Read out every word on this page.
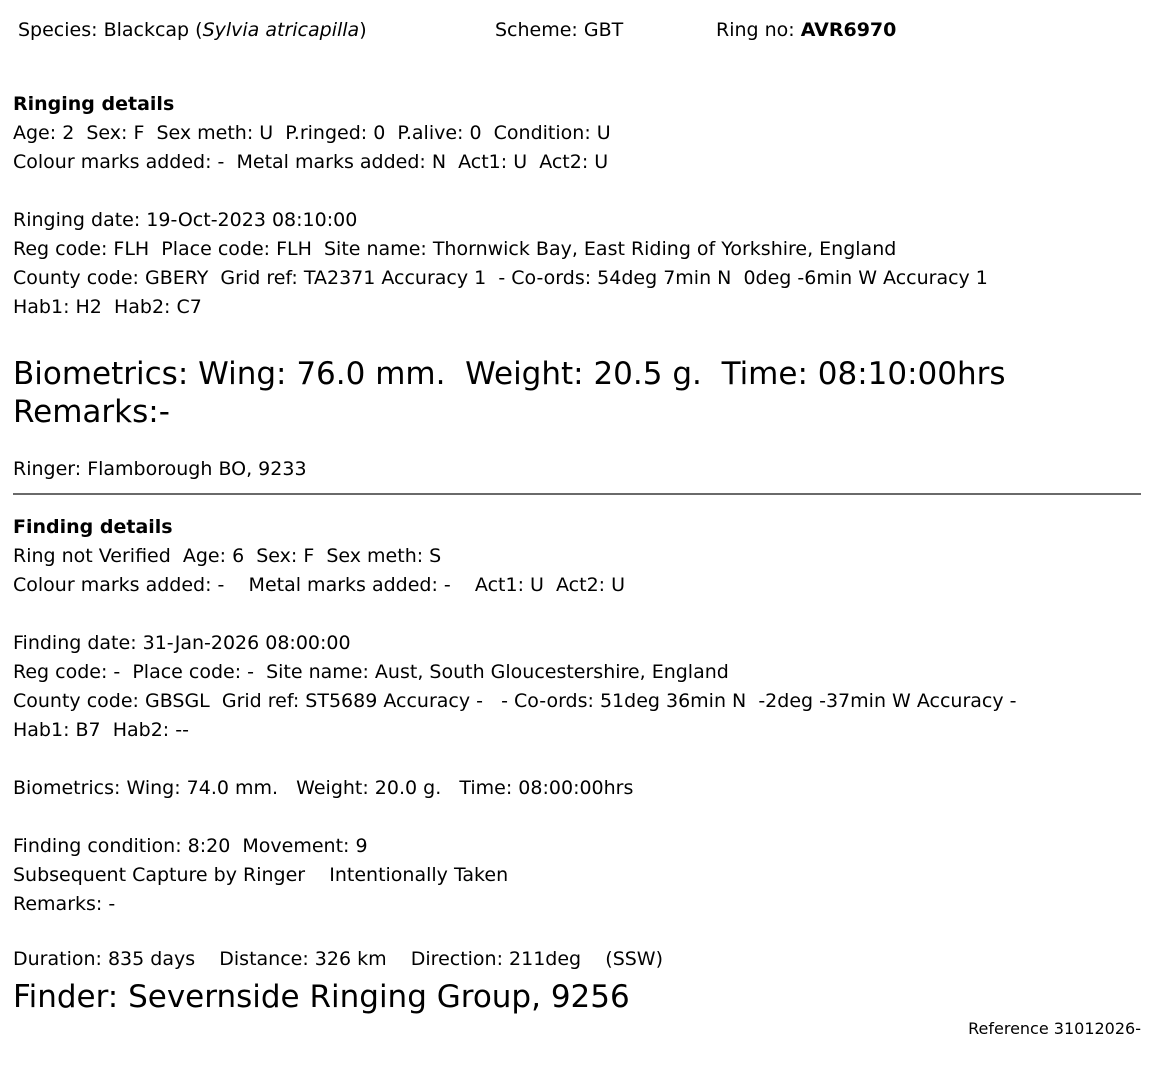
Species: Blackcap (Sylvia atricapilla)	Scheme: GBT	Ring no: AVR6970
Ringing details
Age: 2  Sex: F  Sex meth: U  P.ringed: 0  P.alive: 0  Condition: U
Colour marks added: -  Metal marks added: N  Act1: U  Act2: U
Ringing date: 19-Oct-2023 08:10:00
Reg code: FLH  Place code: FLH  Site name: Thornwick Bay, East Riding of Yorkshire, England
County code: GBERY  Grid ref: TA2371 Accuracy 1  - Co-ords: 54deg 7min N  0deg -6min W Accuracy 1
Hab1: H2  Hab2: C7
Biometrics: Wing: 76.0 mm.  Weight: 20.5 g.  Time: 08:10:00hrs
Remarks:-
Ringer: Flamborough BO, 9233
Finding details
Ring not Verified  Age: 6  Sex: F  Sex meth: S
Colour marks added: -    Metal marks added: -    Act1: U  Act2: U
Finding date: 31-Jan-2026 08:00:00
Reg code: -  Place code: -  Site name: Aust, South Gloucestershire, England
County code: GBSGL  Grid ref: ST5689 Accuracy -   - Co-ords: 51deg 36min N  -2deg -37min W Accuracy -
Hab1: B7  Hab2: --
Biometrics: Wing: 74.0 mm.   Weight: 20.0 g.   Time: 08:00:00hrs
Finding condition: 8:20  Movement: 9
Subsequent Capture by Ringer    Intentionally Taken
Remarks: -
Duration: 835 days    Distance: 326 km    Direction: 211deg    (SSW)
Finder: Severnside Ringing Group, 9256
Reference 31012026-
